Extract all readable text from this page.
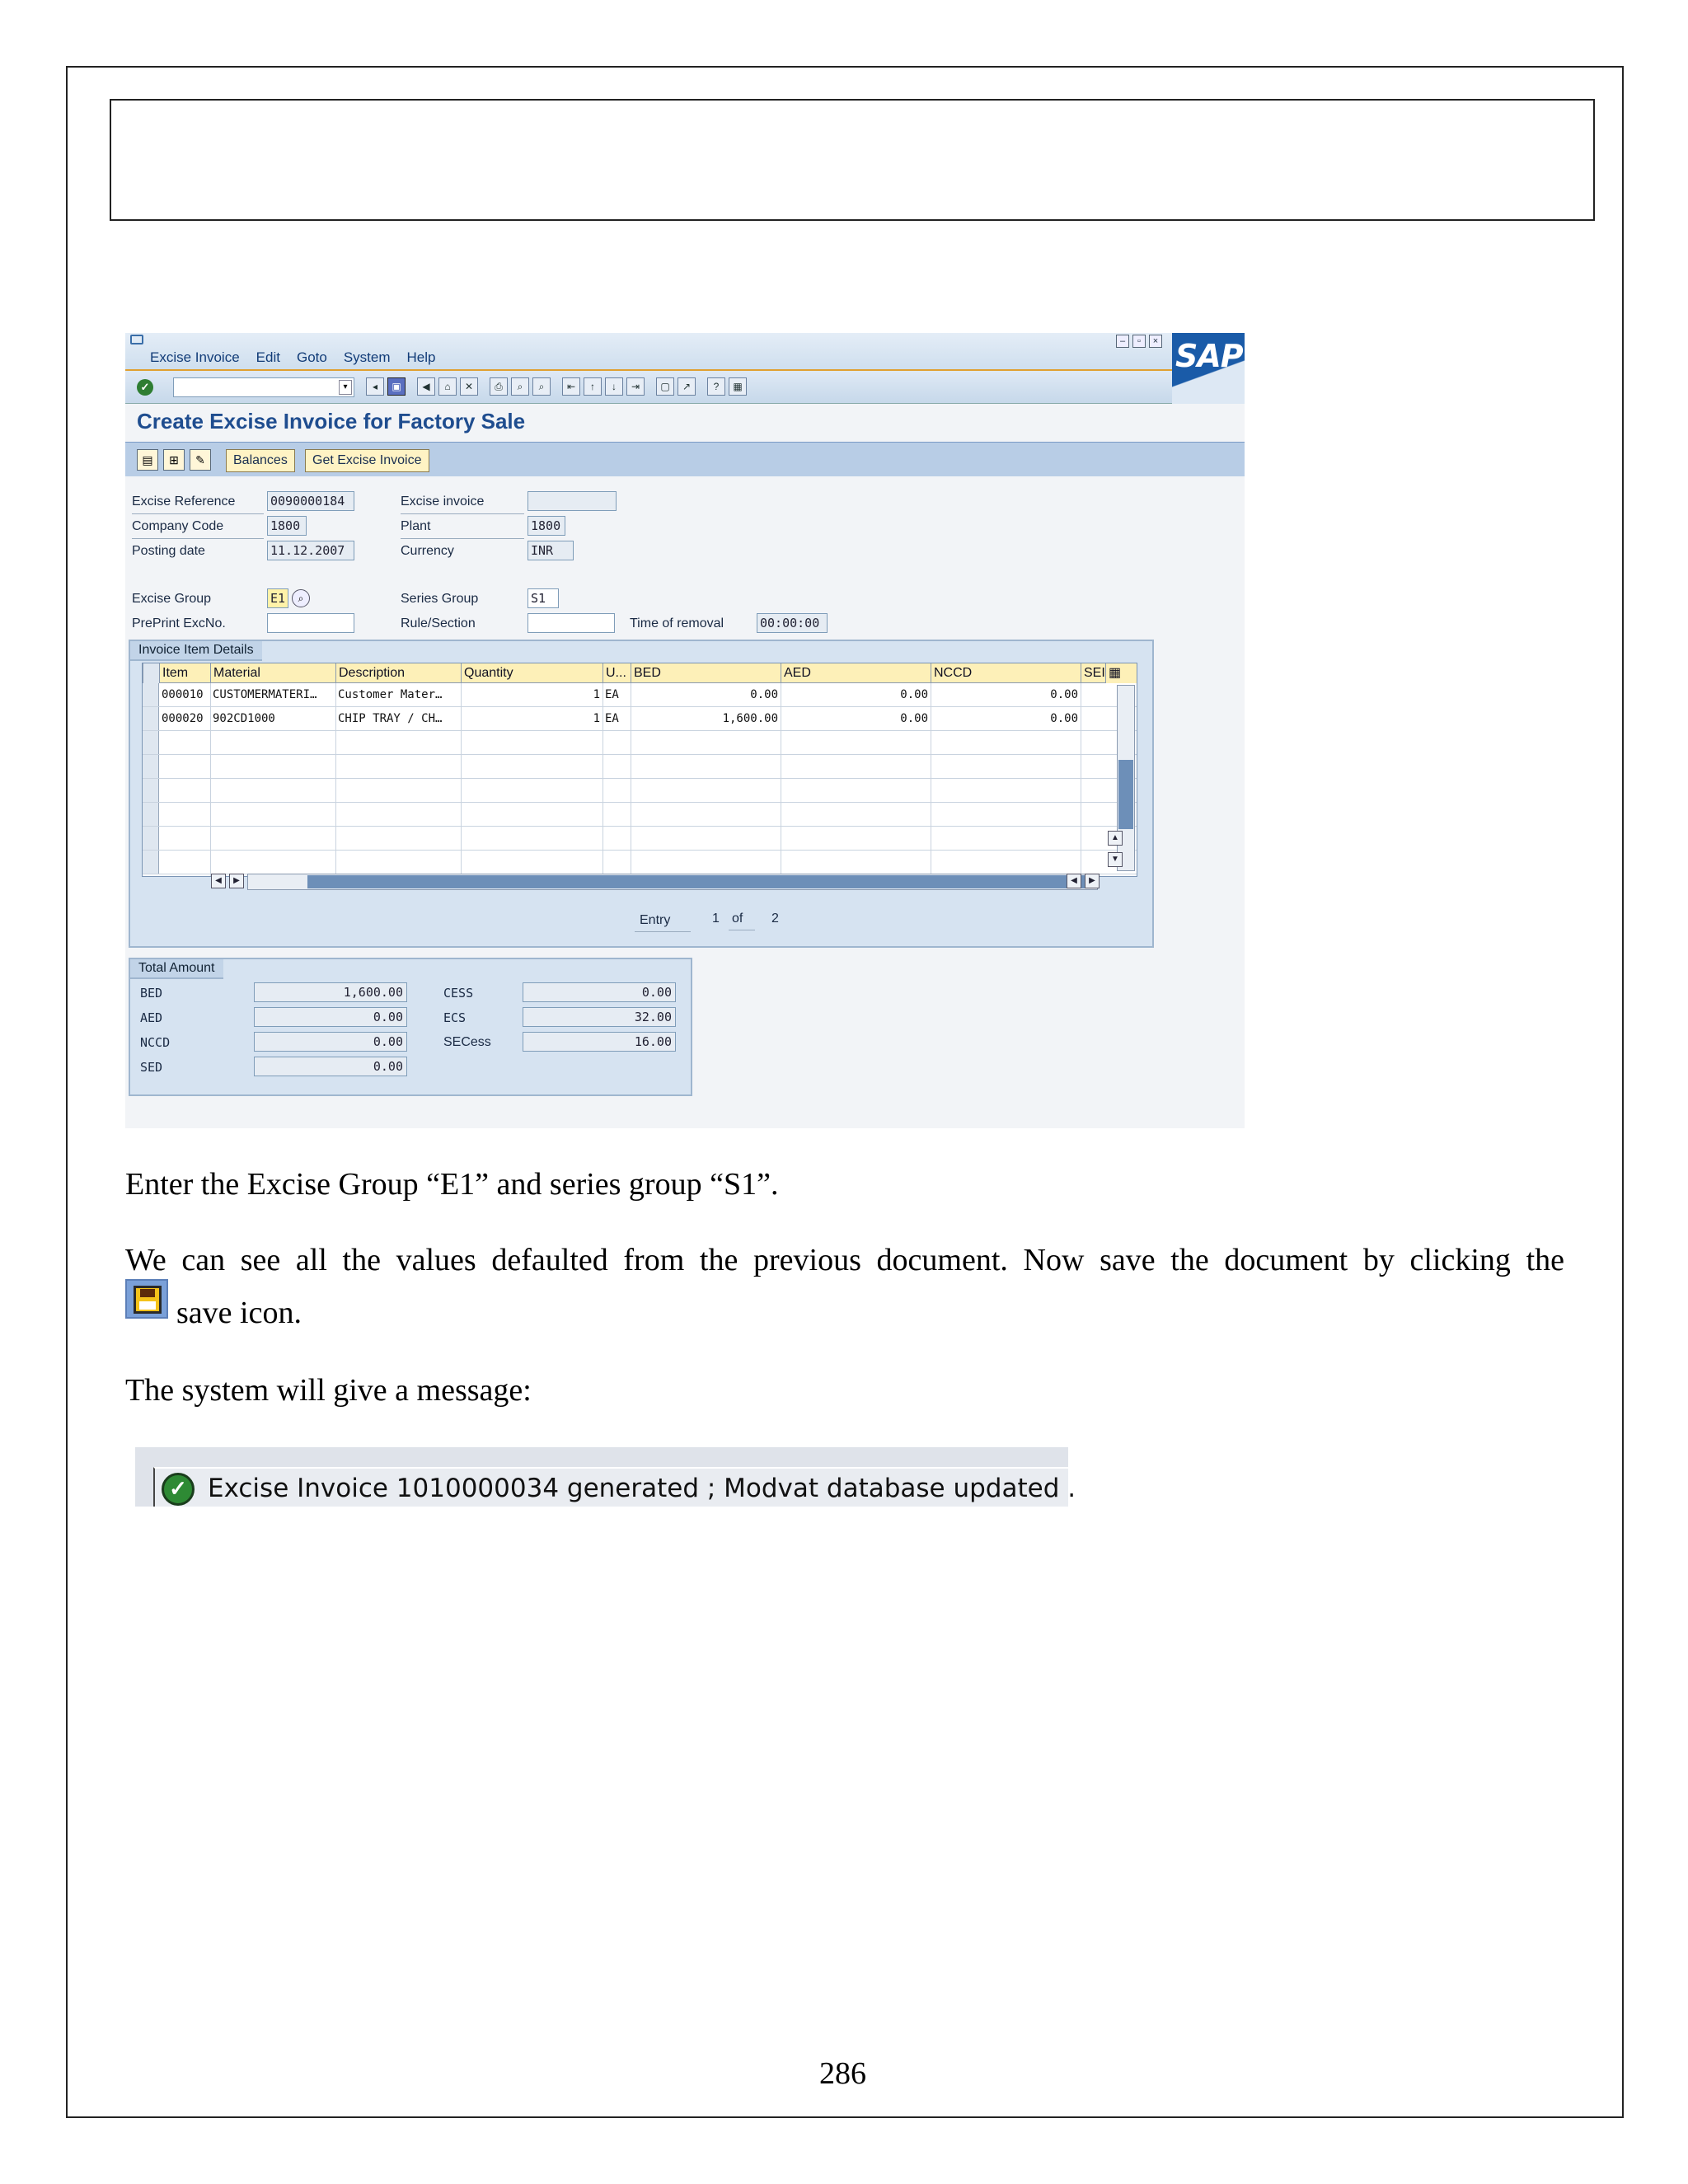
Excise Invoice Edit Goto System Help
–	▫	× SAP
✓	▾	◂	▣	◀	⌂	✕	⎙	⌕	⌕	⇤	↑	↓	⇥	▢	↗	?	▦
Create Excise Invoice for Factory Sale
▤	⊞	✎	Balances	Get Excise Invoice
Excise Reference	0090000184
Company Code	1800
Posting date	11.12.2007
Excise invoice
Plant	1800
Currency	INR
Excise Group	E1	⌕
PrePrint ExcNo.
Series Group	S1
Rule/Section	Time of removal	00:00:00
Invoice Item Details
Item	Material	Description	Quantity	U... BED	AED	NCCD	SEI ▦
000010 CUSTOMERMATERI…	Customer Mater…	1 EA	0.00	0.00	0.00
000020 902CD1000	CHIP TRAY / CH…	1 EA	1,600.00	0.00	0.00
▲
▼
◀	▶	◀	▶
Entry	1 of 2
Total Amount
BED	1,600.00
AED	0.00
NCCD	0.00
SED	0.00
CESS	0.00
ECS	32.00
SECess	16.00
Enter the Excise Group “E1” and series group “S1”.
We can see all the values defaulted from the previous document. Now save the document by clicking the
save icon.
The system will give a message:
✓ Excise Invoice 1010000034 generated ; Modvat database updated .
286
